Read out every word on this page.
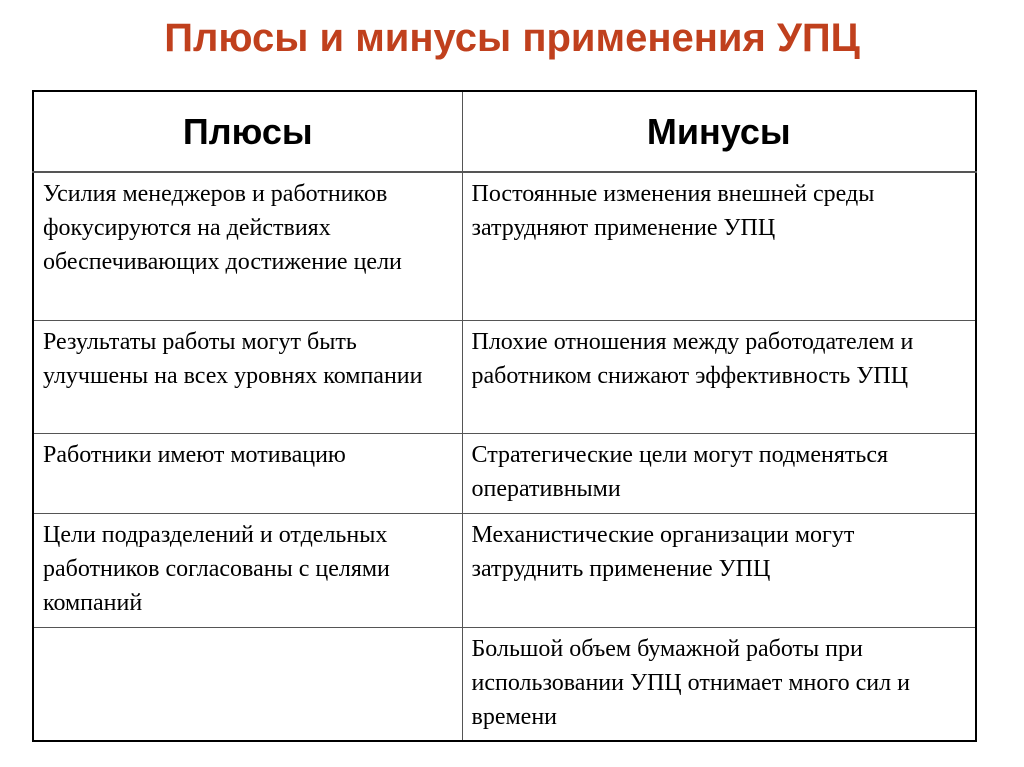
Плюсы и минусы применения УПЦ
Плюсы	Минусы
Усилия менеджеров и работников фокусируются на действиях обеспечивающих достижение цели	Постоянные изменения внешней среды затрудняют применение УПЦ
Результаты работы могут быть улучшены на всех уровнях компании	Плохие отношения между работодателем и работником снижают эффективность УПЦ
Работники имеют мотивацию	Стратегические цели могут подменяться оперативными
Цели подразделений и отдельных работников согласованы с целями компаний	Механистические организации могут затруднить применение УПЦ
	Большой объем бумажной работы при использовании УПЦ отнимает много сил и времени
